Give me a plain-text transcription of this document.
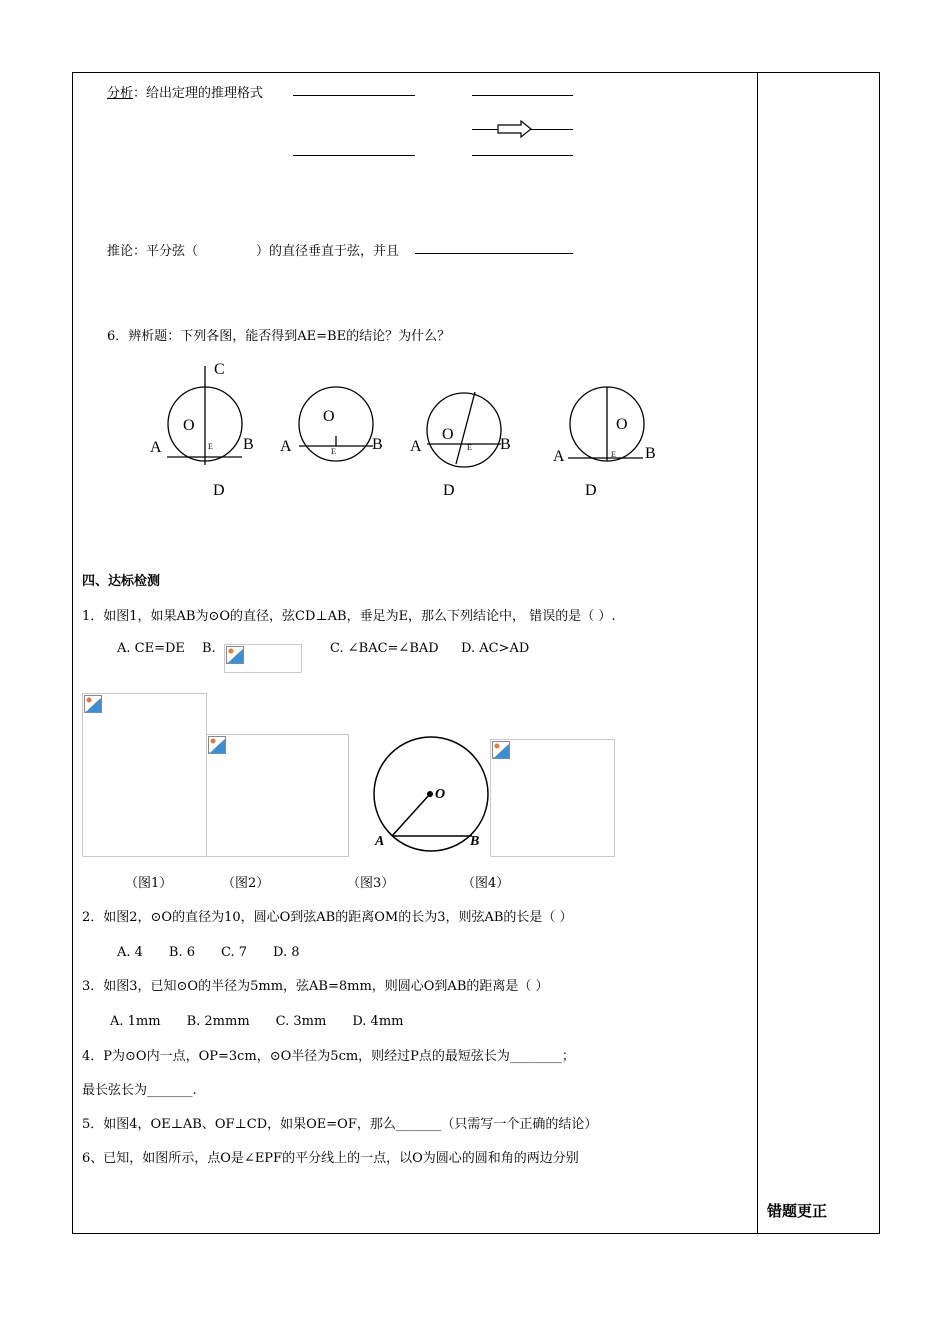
分析：给出定理的推理格式
推论：平分弦（	）的直径垂直于弦，并且
6．辨析题：下列各图，能否得到AE=BE的结论？为什么？
C
O
A	B
E
D
O
A	B
E
O
A	B
E
D
O
A	B
E
D
四、达标检测
1．如图1，如果AB为⊙O的直径，弦CD⊥AB，垂足为E，那么下列结论中， 错误的是（ ）.
A. CE=DE B.	C. ∠BAC=∠BAD D. AC>AD
O
A	B
（图1）	（图2）	（图3）	（图4）
2．如图2，⊙O的直径为10，圆心O到弦AB的距离OM的长为3，则弦AB的长是（ ）
A. 4　　B. 6　　C. 7　　D. 8
3．如图3，已知⊙O的半径为5mm，弦AB=8mm，则圆心O到AB的距离是（ ）
A. 1mm　　B. 2mmm　　C. 3mm　　D. 4mm
4．P为⊙O内一点，OP=3cm，⊙O半径为5cm，则经过P点的最短弦长为________；
最长弦长为_______.
5．如图4，OE⊥AB、OF⊥CD，如果OE=OF，那么_______（只需写一个正确的结论）
6、已知，如图所示，点O是∠EPF的平分线上的一点，以O为圆心的圆和角的两边分别
错题更正
